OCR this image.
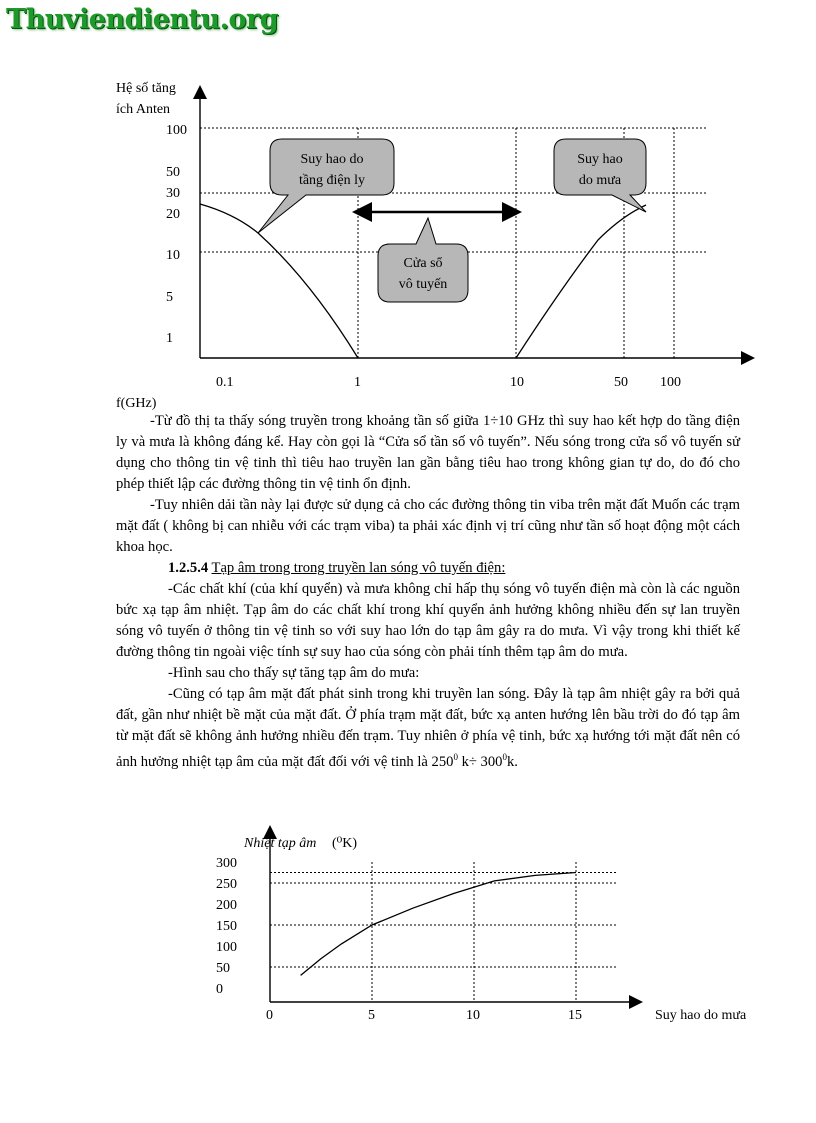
Thuviendientu.org
Hệ số tăng
ích Anten
100
50
30
20
10
5
1
0.1	1	10	50 100
f(GHz)
Suy hao do
tầng điện ly
Suy hao
do mưa
Cửa sổ
vô tuyến

-Từ đồ thị ta thấy sóng truyền trong khoảng tần số giữa 1÷10 GHz thì suy hao kết hợp do tầng điện ly và mưa là không đáng kể. Hay còn gọi là “Cửa sổ tần số vô tuyến”. Nếu sóng trong cửa sổ vô tuyến sử dụng cho thông tin vệ tinh thì tiêu hao truyền lan gần bằng tiêu hao trong không gian tự do, do đó cho phép thiết lập các đường thông tin vệ tinh ổn định.

-Tuy nhiên dải tần này lại được sử dụng cả cho các đường thông tin viba trên mặt đất Muốn các trạm mặt đất ( không bị can nhiễu với các trạm viba) ta phải xác định vị trí cũng như tần số hoạt động một cách khoa học.

1.2.5.4 Tạp âm trong trong truyền lan sóng vô tuyến điện:

-Các chất khí (của khí quyển) và mưa không chỉ hấp thụ sóng vô tuyến điện mà còn là các nguồn bức xạ tạp âm nhiệt. Tạp âm do các chất khí trong khí quyển ảnh hưởng không nhiều đến sự lan truyền sóng vô tuyến ở thông tin vệ tinh so với suy hao lớn do tạp âm gây ra do mưa. Vì vậy trong khi thiết kế đường thông tin ngoài việc tính sự suy hao của sóng còn phải tính thêm tạp âm do mưa.

-Hình sau cho thấy sự tăng tạp âm do mưa:

-Cũng có tạp âm mặt đất phát sinh trong khi truyền lan sóng. Đây là tạp âm nhiệt gây ra bởi quả đất, gần như nhiệt bề mặt của mặt đất. Ở phía trạm mặt đất, bức xạ anten hướng lên bầu trời do đó tạp âm từ mặt đất sẽ không ảnh hưởng nhiều đến trạm. Tuy nhiên ở phía vệ tinh, bức xạ hướng tới mặt đất nên có ảnh hưởng nhiệt tạp âm của mặt đất đối với vệ tinh là $250^0$ $k\div 300^0k$.

Nhiệt tạp âm (⁰K)
Suy hao do mưa
300
250
200
150
100
50
0
0	5	10	15
